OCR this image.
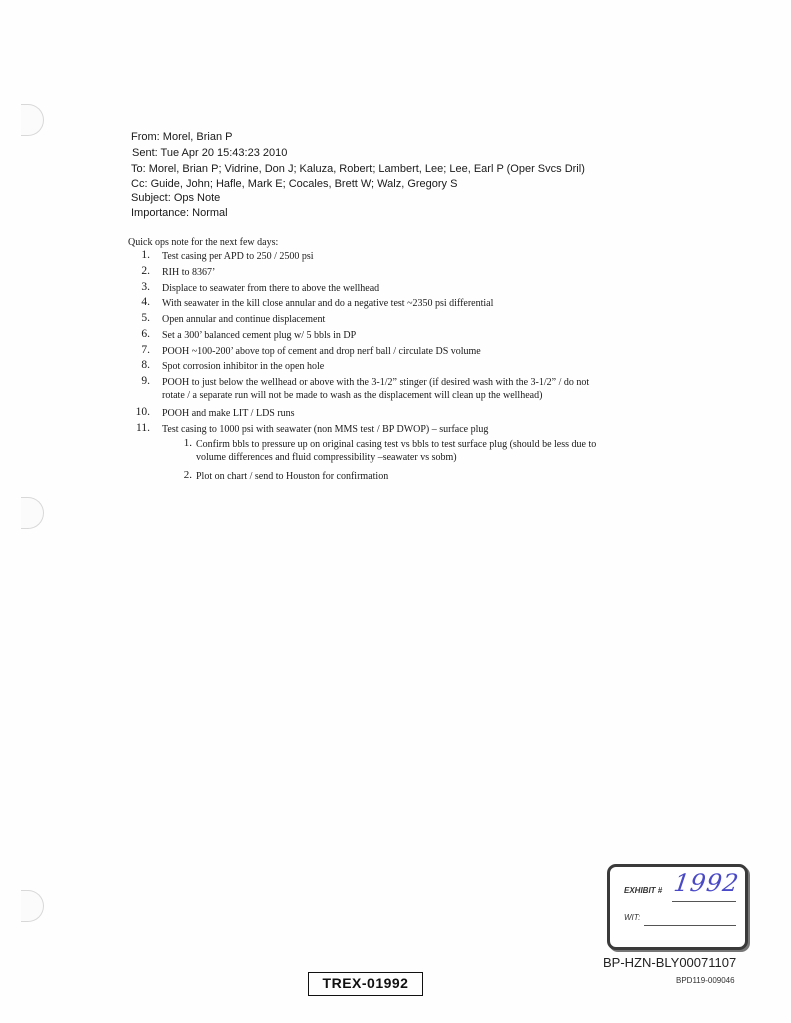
From: Morel, Brian P
Sent: Tue Apr 20 15:43:23 2010
To: Morel, Brian P; Vidrine, Don J; Kaluza, Robert; Lambert, Lee; Lee, Earl P (Oper Svcs Dril)
Cc: Guide, John; Hafle, Mark E; Cocales, Brett W; Walz, Gregory S
Subject: Ops Note
Importance: Normal
Quick ops note for the next few days:
1. Test casing per APD to 250 / 2500 psi
2. RIH to 8367’
3. Displace to seawater from there to above the wellhead
4. With seawater in the kill close annular and do a negative test ~2350 psi differential
5. Open annular and continue displacement
6. Set a 300’ balanced cement plug w/ 5 bbls in DP
7. POOH ~100-200’ above top of cement and drop nerf ball / circulate DS volume
8. Spot corrosion inhibitor in the open hole
9. POOH to just below the wellhead or above with the 3-1/2” stinger (if desired wash with the 3-1/2” / do not
rotate / a separate run will not be made to wash as the displacement will clean up the wellhead)
10. POOH and make LIT / LDS runs
11. Test casing to 1000 psi with seawater (non MMS test / BP DWOP) – surface plug
1. Confirm bbls to pressure up on original casing test vs bbls to test surface plug (should be less due to
volume differences and fluid compressibility –seawater vs sobm)
2. Plot on chart / send to Houston for confirmation
EXHIBIT # 1992
WIT:
BP-HZN-BLY00071107
BPD119-009046
TREX-01992
